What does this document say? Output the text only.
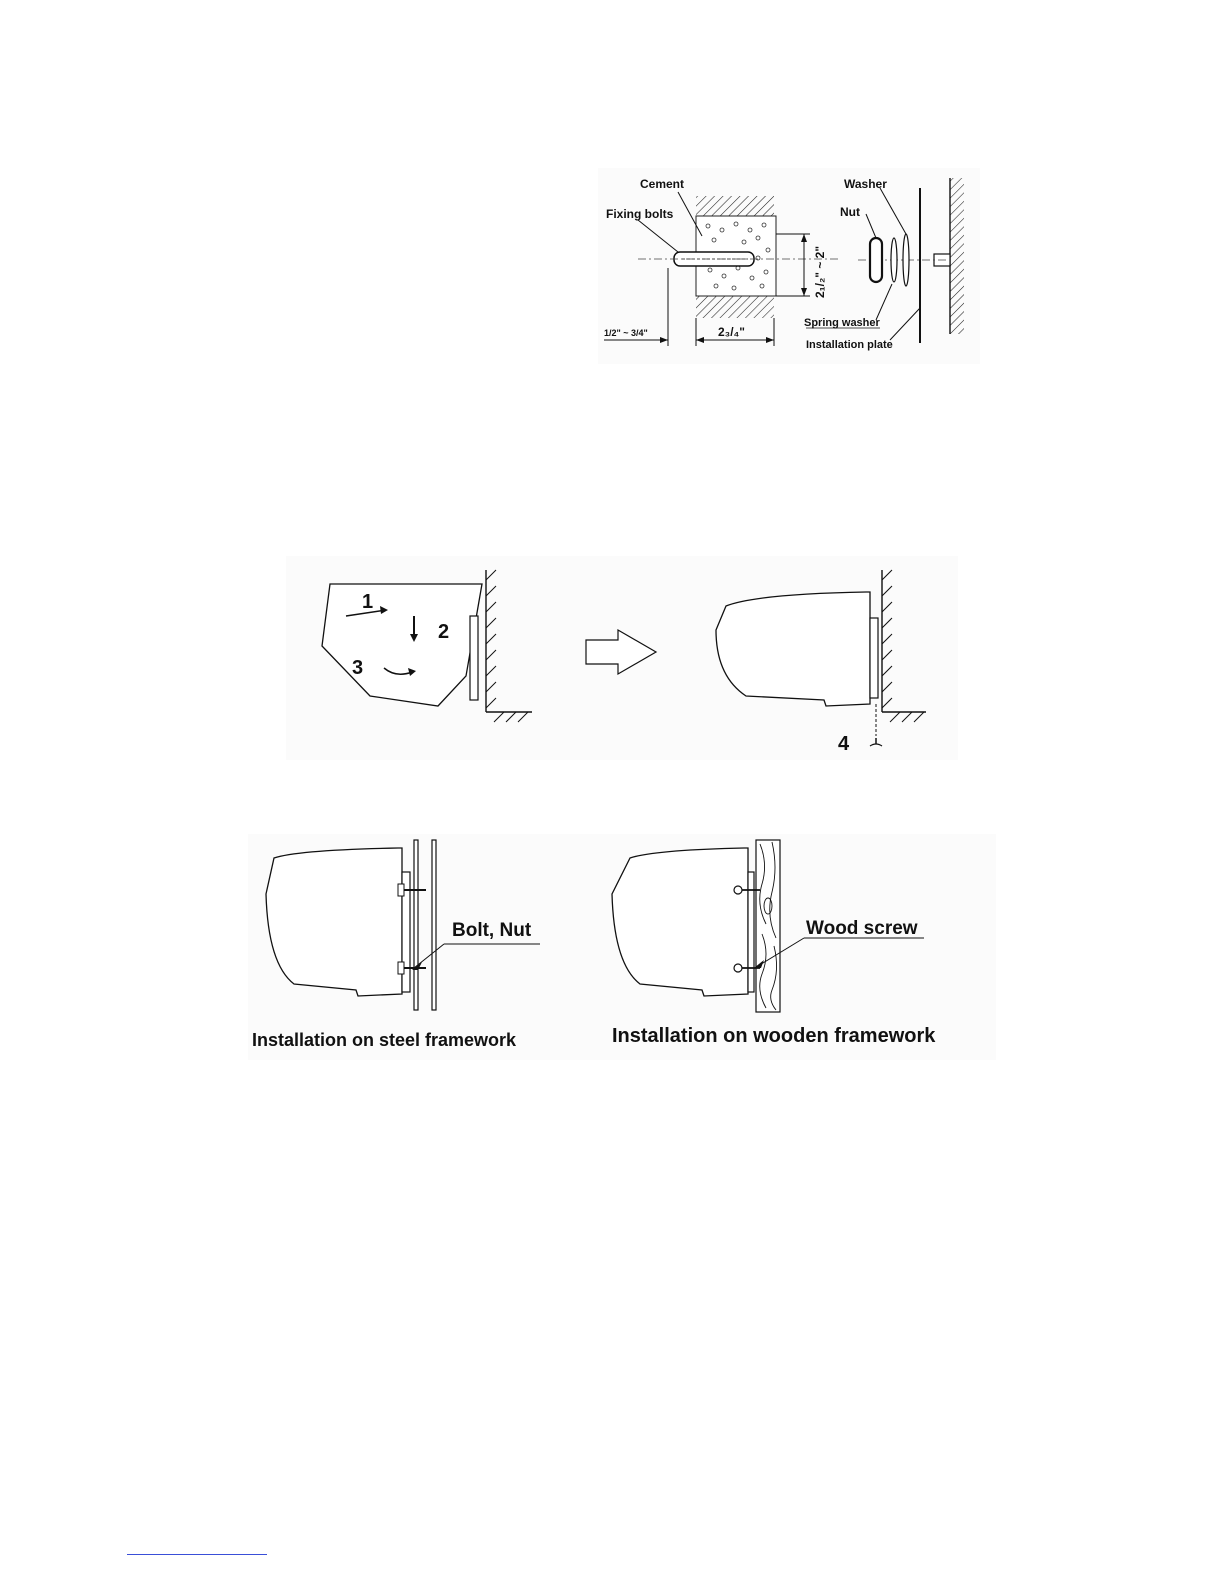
Cement
Fixing bolts
Washer
Nut
Spring washer
Installation plate
2₃/₄"
1/2" ~ 3/4"
2₁/₂" ~ 2"
1
2
3
4
Bolt, Nut
Installation on steel framework
Wood screw
Installation on wooden framework
